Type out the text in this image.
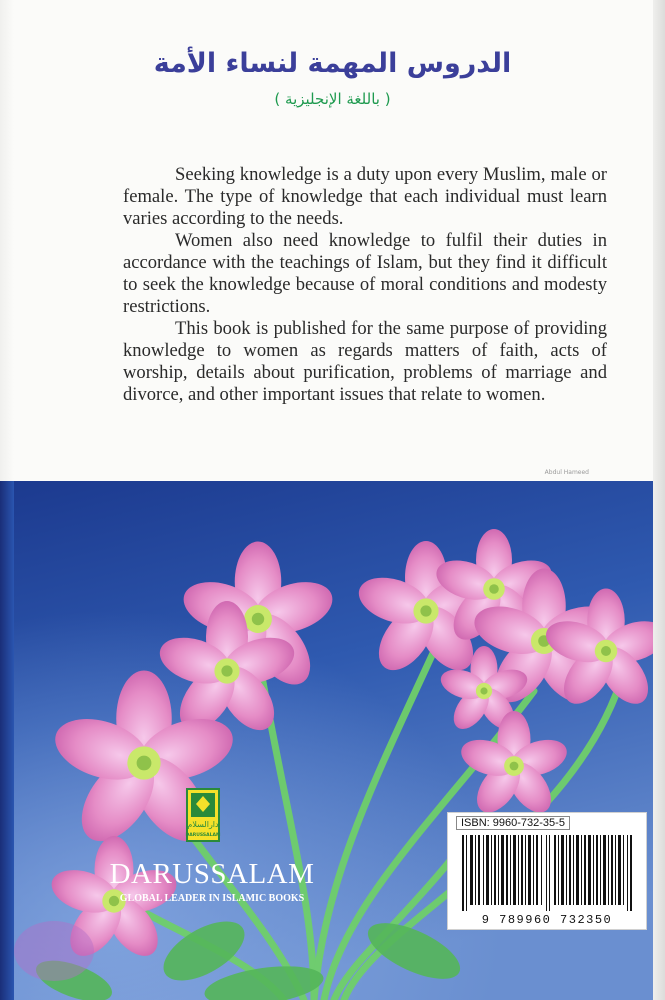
الدروس المهمة لنساء الأمة
( باللغة الإنجليزية )

Seeking knowledge is a duty upon every Muslim, male or female. The type of knowledge that each individual must learn varies according to the needs.

Women also need knowledge to fulfil their duties in accordance with the teachings of Islam, but they find it difficult to seek the knowledge because of moral conditions and modesty restrictions.

This book is published for the same purpose of providing knowledge to women as regards matters of faith, acts of worship, details about purification, problems of marriage and divorce, and other important issues that relate to women.

Abdul Hameed
دارالسلام
DARUSSALAM
DARUSSALAM
GLOBAL LEADER IN ISLAMIC BOOKS
ISBN: 9960-732-35-5
9 789960 732350
